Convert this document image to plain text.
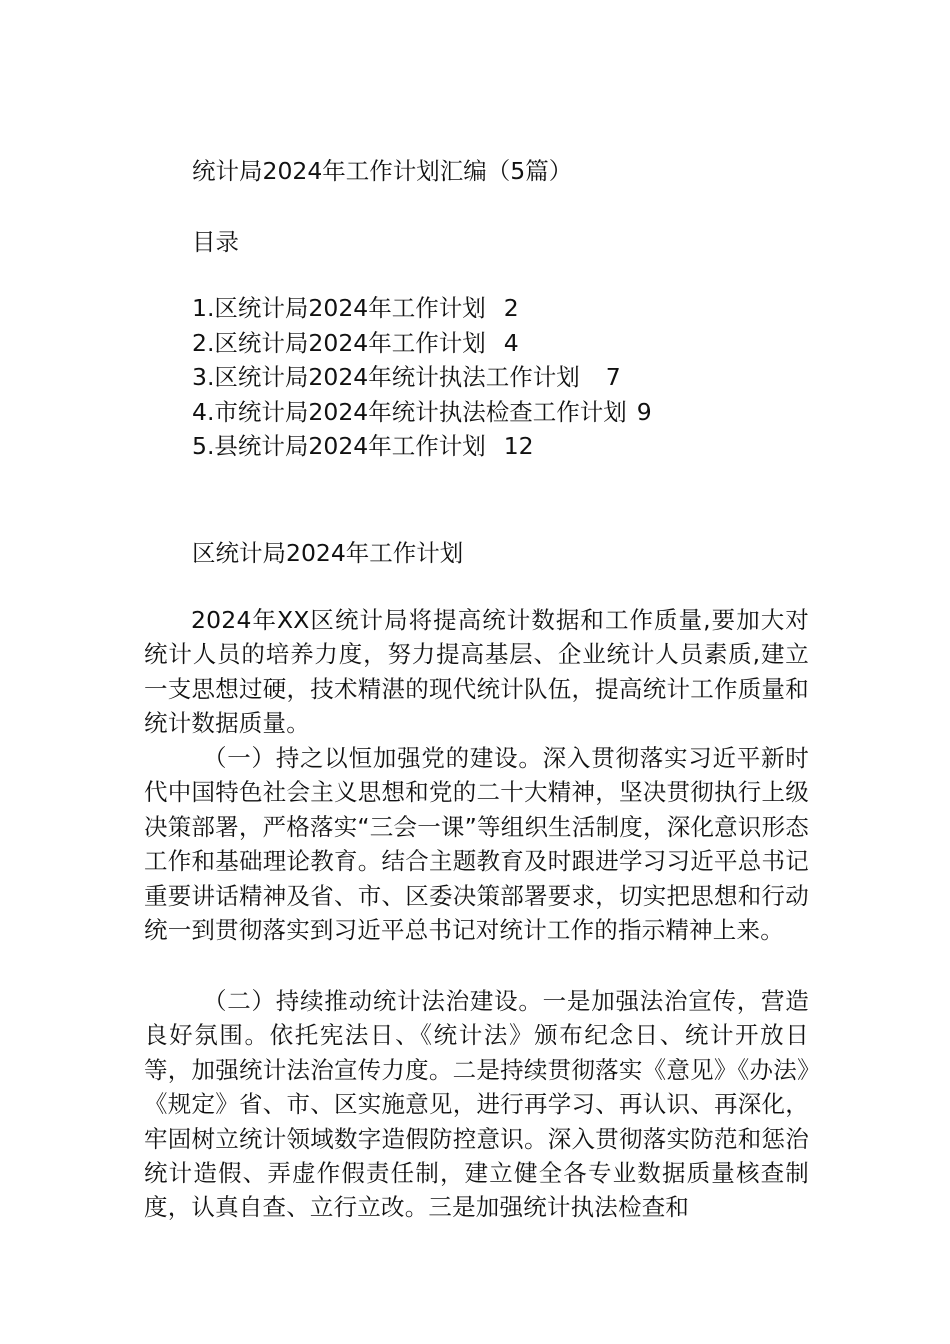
统计局2024年工作计划汇编（5篇）
目录
1.区统计局2024年工作计划 2
2.区统计局2024年工作计划 4
3.区统计局2024年统计执法工作计划 7
4.市统计局2024年统计执法检查工作计划 9
5.县统计局2024年工作计划 12
区统计局2024年工作计划

2024年XX区统计局将提高统计数据和工作质量,要加大对统计人员的培养力度，努力提高基层、企业统计人员素质,建立一支思想过硬，技术精湛的现代统计队伍，提高统计工作质量和统计数据质量。

（一）持之以恒加强党的建设。深入贯彻落实习近平新时代中国特色社会主义思想和党的二十大精神，坚决贯彻执行上级决策部署，严格落实“三会一课”等组织生活制度，深化意识形态工作和基础理论教育。结合主题教育及时跟进学习习近平总书记重要讲话精神及省、市、区委决策部署要求，切实把思想和行动统一到贯彻落实到习近平总书记对统计工作的指示精神上来。

（二）持续推动统计法治建设。一是加强法治宣传，营造良好氛围。依托宪法日、《统计法》颁布纪念日、统计开放日等，加强统计法治宣传力度。二是持续贯彻落实《意见》《办法》《规定》省、市、区实施意见，进行再学习、再认识、再深化，牢固树立统计领域数字造假防控意识。深入贯彻落实防范和惩治统计造假、弄虚作假责任制，建立健全各专业数据质量核查制度，认真自查、立行立改。三是加强统计执法检查和
